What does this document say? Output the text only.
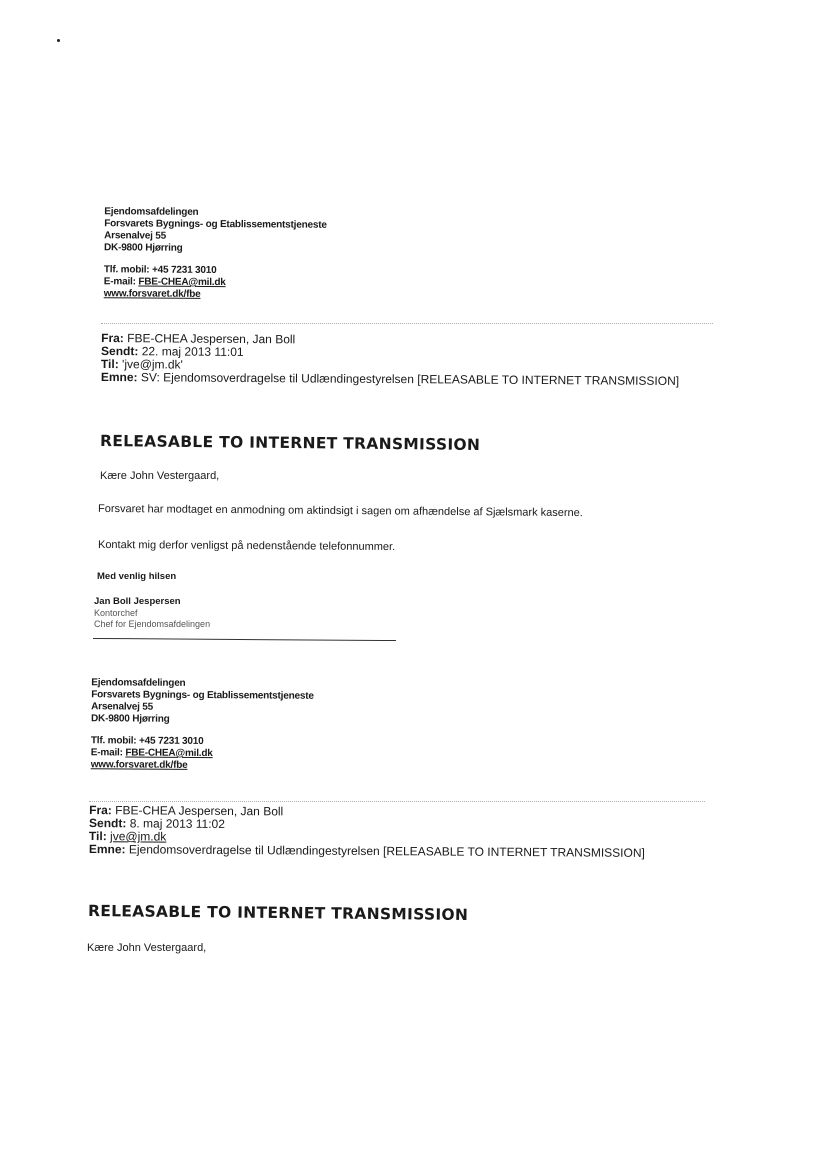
Ejendomsafdelingen
Forsvarets Bygnings- og Etablissementstjeneste
Arsenalvej 55
DK-9800 Hjørring
Tlf. mobil: +45 7231 3010
E-mail: FBE-CHEA@mil.dk
www.forsvaret.dk/fbe
Fra: FBE-CHEA Jespersen, Jan Boll
Sendt: 22. maj 2013 11:01
Til: 'jve@jm.dk'
Emne: SV: Ejendomsoverdragelse til Udlændingestyrelsen [RELEASABLE TO INTERNET TRANSMISSION]
RELEASABLE TO INTERNET TRANSMISSION
Kære John Vestergaard,
Forsvaret har modtaget en anmodning om aktindsigt i sagen om afhændelse af Sjælsmark kaserne.
Kontakt mig derfor venligst på nedenstående telefonnummer.
Med venlig hilsen
Jan Boll Jespersen
Kontorchef
Chef for Ejendomsafdelingen
Ejendomsafdelingen
Forsvarets Bygnings- og Etablissementstjeneste
Arsenalvej 55
DK-9800 Hjørring
Tlf. mobil: +45 7231 3010
E-mail: FBE-CHEA@mil.dk
www.forsvaret.dk/fbe
Fra: FBE-CHEA Jespersen, Jan Boll
Sendt: 8. maj 2013 11:02
Til: jve@jm.dk
Emne: Ejendomsoverdragelse til Udlændingestyrelsen [RELEASABLE TO INTERNET TRANSMISSION]
RELEASABLE TO INTERNET TRANSMISSION
Kære John Vestergaard,
